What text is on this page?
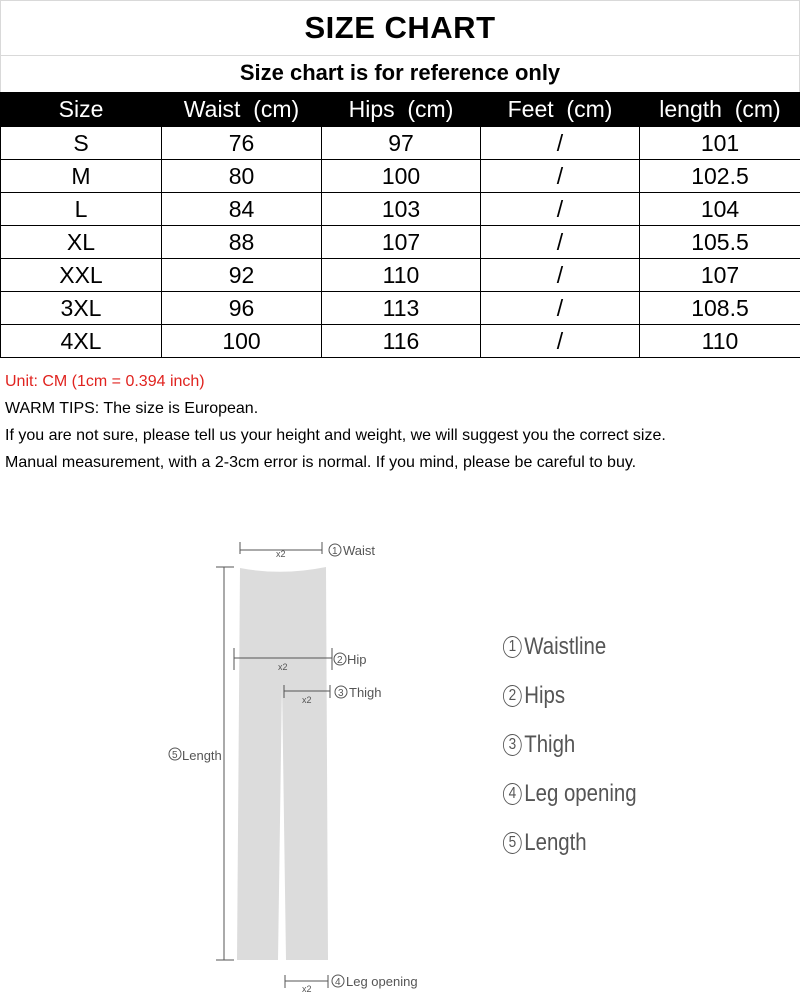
SIZE CHART
Size chart is for reference only
Size	Waist  (cm)	Hips  (cm)	Feet  (cm)	length  (cm)
S	76	97	/	101
M	80	100	/	102.5
L	84	103	/	104
XL	88	107	/	105.5
XXL	92	110	/	107
3XL	96	113	/	108.5
4XL	100	116	/	110
Unit: CM (1cm = 0.394 inch)
WARM TIPS: The size is European.
If you are not sure, please tell us your height and weight, we will suggest you the correct size.
Manual measurement, with a 2-3cm error is normal. If you mind, please be careful to buy.
x2	1 Waist
x2
2 Hip
x2
3 Thigh
5 Length
x2
4 Leg opening
1 Waistline
2 Hips
3 Thigh
4 Leg opening
5 Length
